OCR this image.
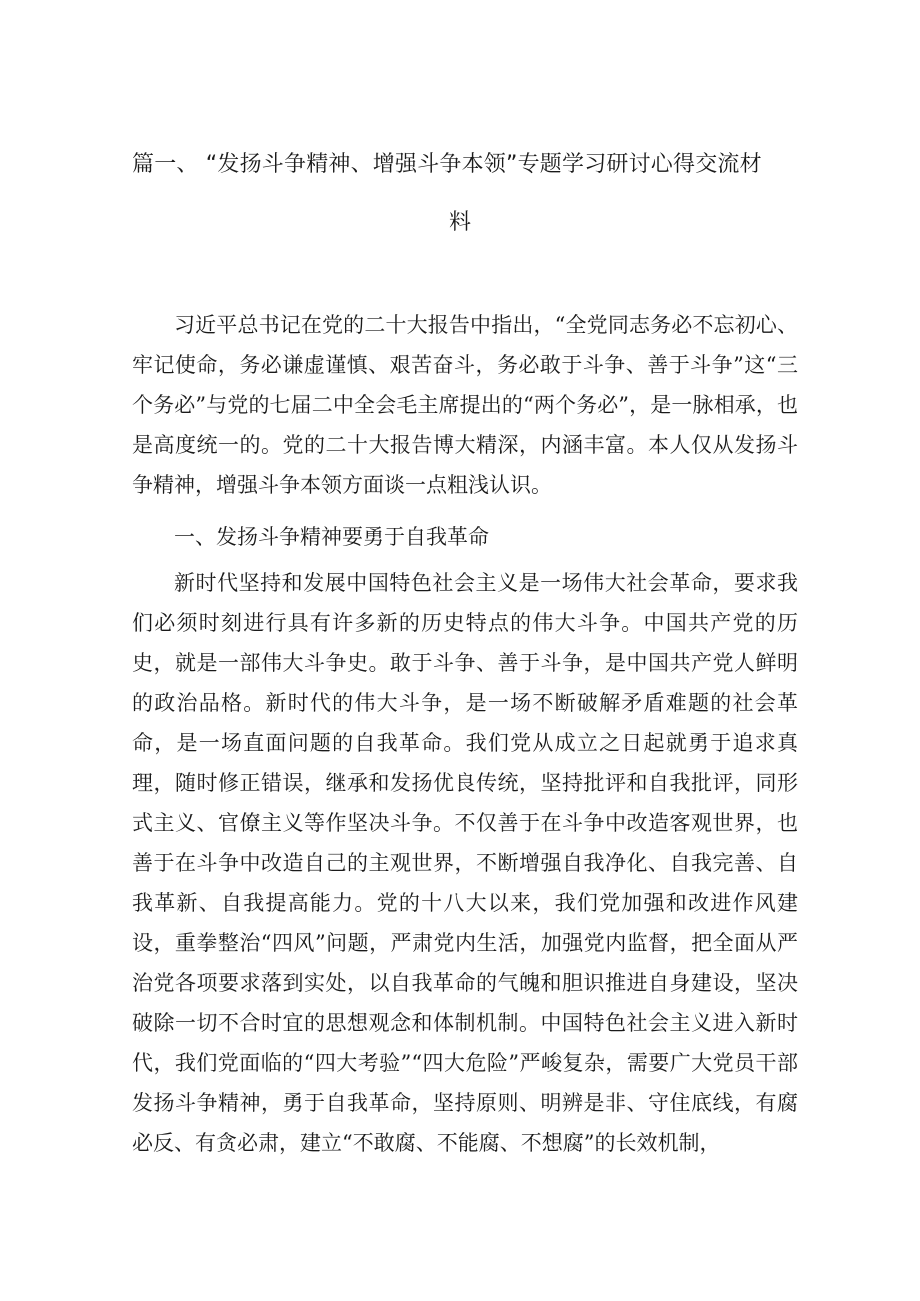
篇一、 “发扬斗争精神、增强斗争本领”专题学习研讨心得交流材
料

习近平总书记在党的二十大报告中指出，“全党同志务必不忘初心、牢记使命，务必谦虚谨慎、艰苦奋斗，务必敢于斗争、善于斗争”这“三个务必”与党的七届二中全会毛主席提出的“两个务必”，是一脉相承，也是高度统一的。党的二十大报告博大精深，内涵丰富。本人仅从发扬斗争精神，增强斗争本领方面谈一点粗浅认识。

一、发扬斗争精神要勇于自我革命

新时代坚持和发展中国特色社会主义是一场伟大社会革命，要求我们必须时刻进行具有许多新的历史特点的伟大斗争。中国共产党的历史，就是一部伟大斗争史。敢于斗争、善于斗争，是中国共产党人鲜明的政治品格。新时代的伟大斗争，是一场不断破解矛盾难题的社会革命，是一场直面问题的自我革命。我们党从成立之日起就勇于追求真理，随时修正错误，继承和发扬优良传统，坚持批评和自我批评，同形式主义、官僚主义等作坚决斗争。不仅善于在斗争中改造客观世界，也善于在斗争中改造自己的主观世界，不断增强自我净化、自我完善、自我革新、自我提高能力。党的十八大以来，我们党加强和改进作风建设，重拳整治“四风”问题，严肃党内生活，加强党内监督，把全面从严治党各项要求落到实处，以自我革命的气魄和胆识推进自身建设，坚决破除一切不合时宜的思想观念和体制机制。中国特色社会主义进入新时代，我们党面临的“四大考验”“四大危险”严峻复杂，需要广大党员干部发扬斗争精神，勇于自我革命，坚持原则、明辨是非、守住底线，有腐必反、有贪必肃，建立“不敢腐、不能腐、不想腐”的长效机制，
